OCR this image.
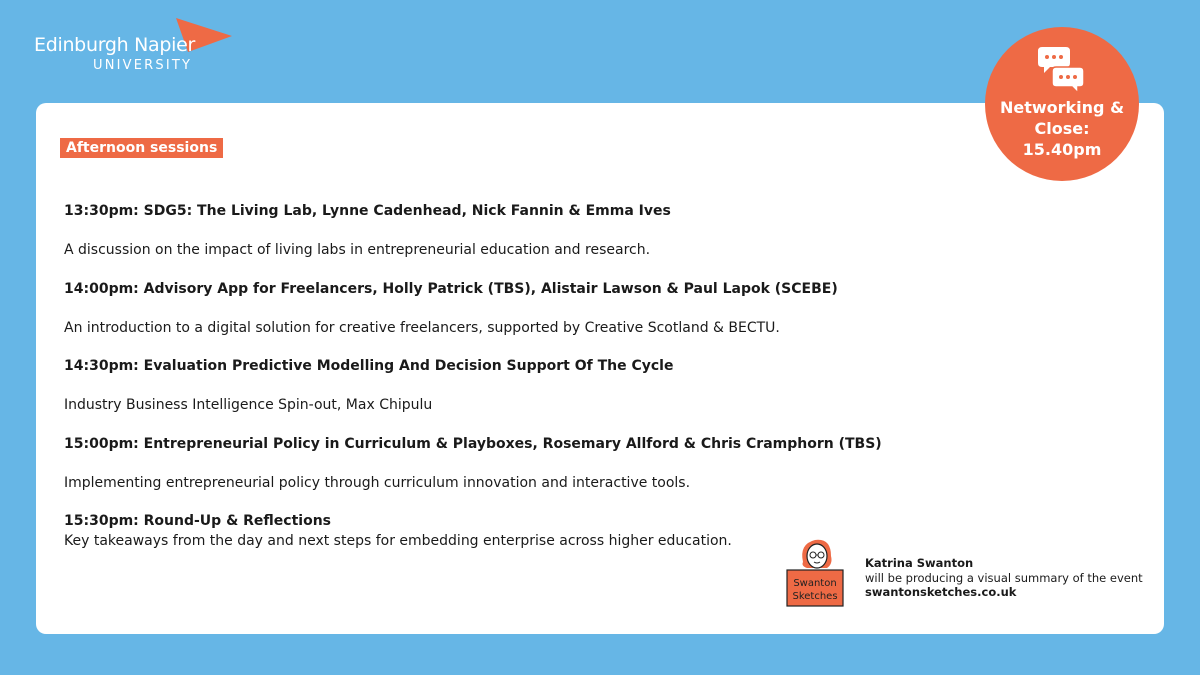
Edinburgh Napier
UNIVERSITY
Afternoon sessions
13:30pm: SDG5: The Living Lab, Lynne Cadenhead, Nick Fannin & Emma Ives
A discussion on the impact of living labs in entrepreneurial education and research.
14:00pm: Advisory App for Freelancers, Holly Patrick (TBS), Alistair Lawson & Paul Lapok (SCEBE)
An introduction to a digital solution for creative freelancers, supported by Creative Scotland & BECTU.
14:30pm: Evaluation Predictive Modelling And Decision Support Of The Cycle
Industry Business Intelligence Spin-out, Max Chipulu
15:00pm: Entrepreneurial Policy in Curriculum & Playboxes, Rosemary Allford & Chris Cramphorn (TBS)
Implementing entrepreneurial policy through curriculum innovation and interactive tools.
15:30pm: Round-Up & Reflections
Key takeaways from the day and next steps for embedding enterprise across higher education.
Networking & Close:
15.40pm
Swanton
Sketches
Katrina Swanton
will be producing a visual summary of the event
swantonsketches.co.uk
